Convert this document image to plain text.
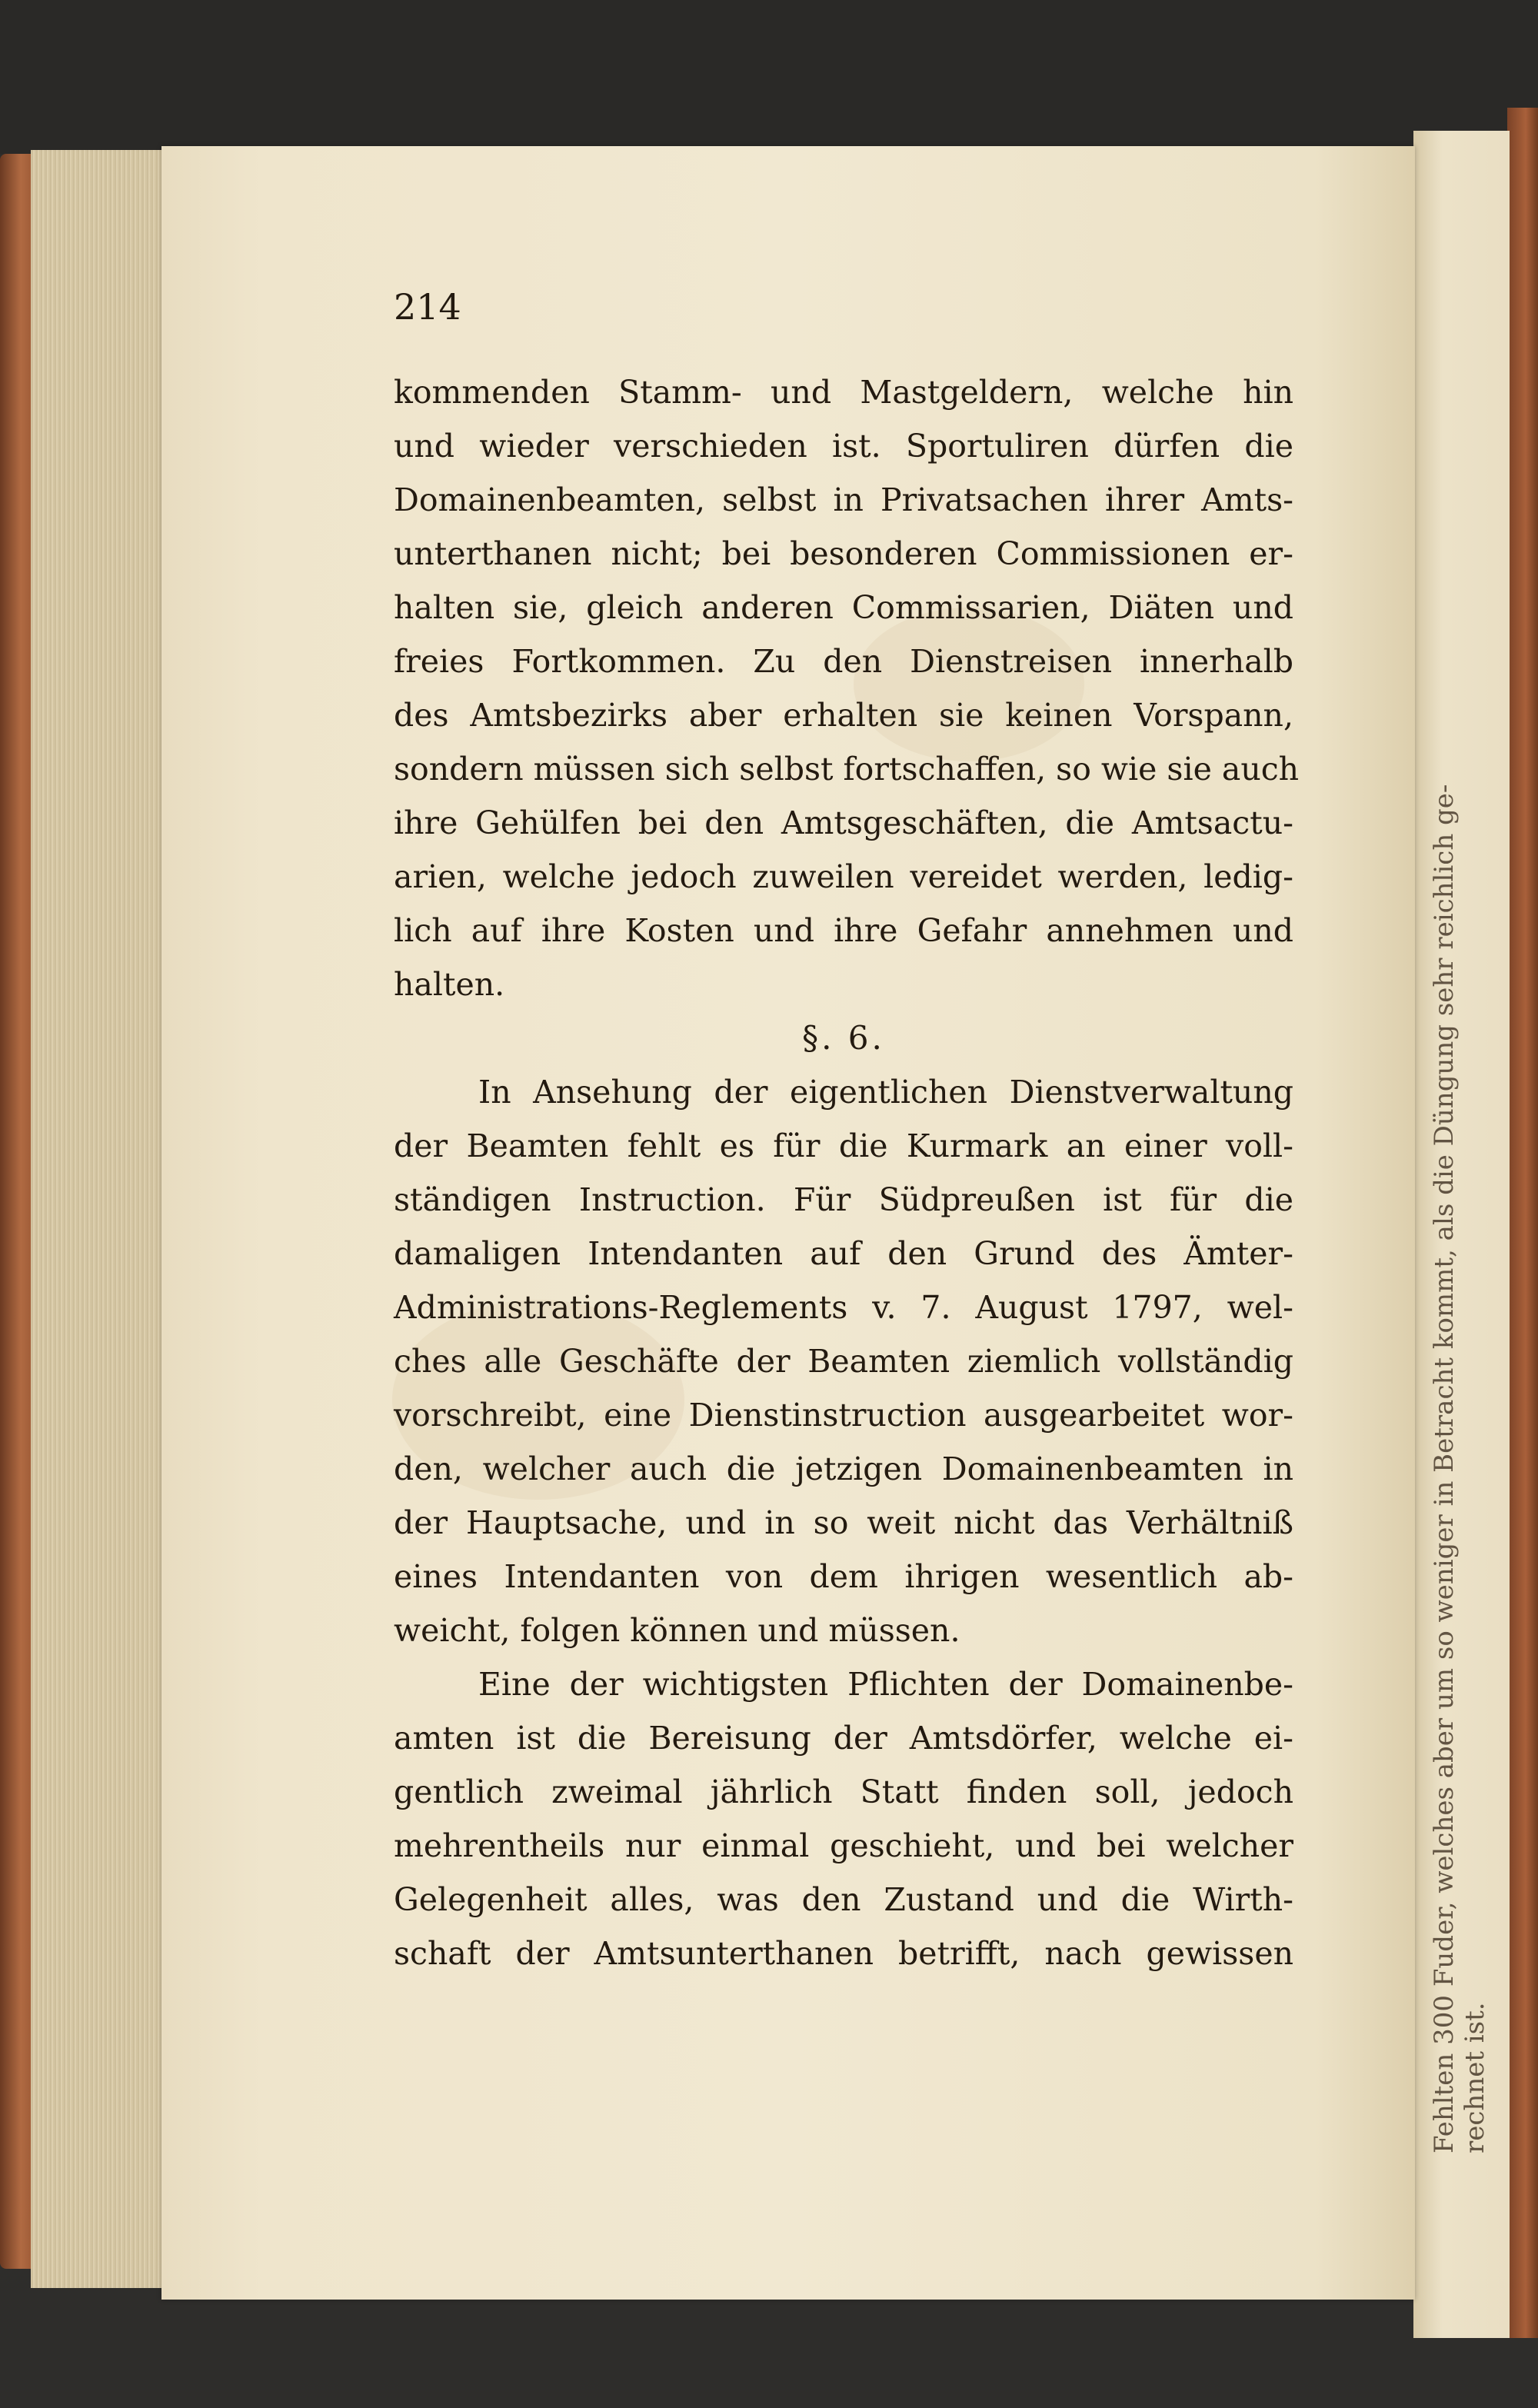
214
kommenden Stamm- und Mastgeldern, welche hin
und wieder verschieden ist. Sportuliren dürfen die
Domainenbeamten, selbst in Privatsachen ihrer Amts-
unterthanen nicht; bei besonderen Commissionen er-
halten sie, gleich anderen Commissarien, Diäten und
freies Fortkommen. Zu den Dienstreisen innerhalb
des Amtsbezirks aber erhalten sie keinen Vorspann,
sondern müssen sich selbst fortschaffen, so wie sie auch
ihre Gehülfen bei den Amtsgeschäften, die Amtsactu-
arien, welche jedoch zuweilen vereidet werden, ledig-
lich auf ihre Kosten und ihre Gefahr annehmen und
halten.
§. 6.
In Ansehung der eigentlichen Dienstverwaltung
der Beamten fehlt es für die Kurmark an einer voll-
ständigen Instruction. Für Südpreußen ist für die
damaligen Intendanten auf den Grund des Ämter-
Administrations-Reglements v. 7. August 1797, wel-
ches alle Geschäfte der Beamten ziemlich vollständig
vorschreibt, eine Dienstinstruction ausgearbeitet wor-
den, welcher auch die jetzigen Domainenbeamten in
der Hauptsache, und in so weit nicht das Verhältniß
eines Intendanten von dem ihrigen wesentlich ab-
weicht, folgen können und müssen.
Eine der wichtigsten Pflichten der Domainenbe-
amten ist die Bereisung der Amtsdörfer, welche ei-
gentlich zweimal jährlich Statt finden soll, jedoch
mehrentheils nur einmal geschieht, und bei welcher
Gelegenheit alles, was den Zustand und die Wirth-
schaft der Amtsunterthanen betrifft, nach gewissen
